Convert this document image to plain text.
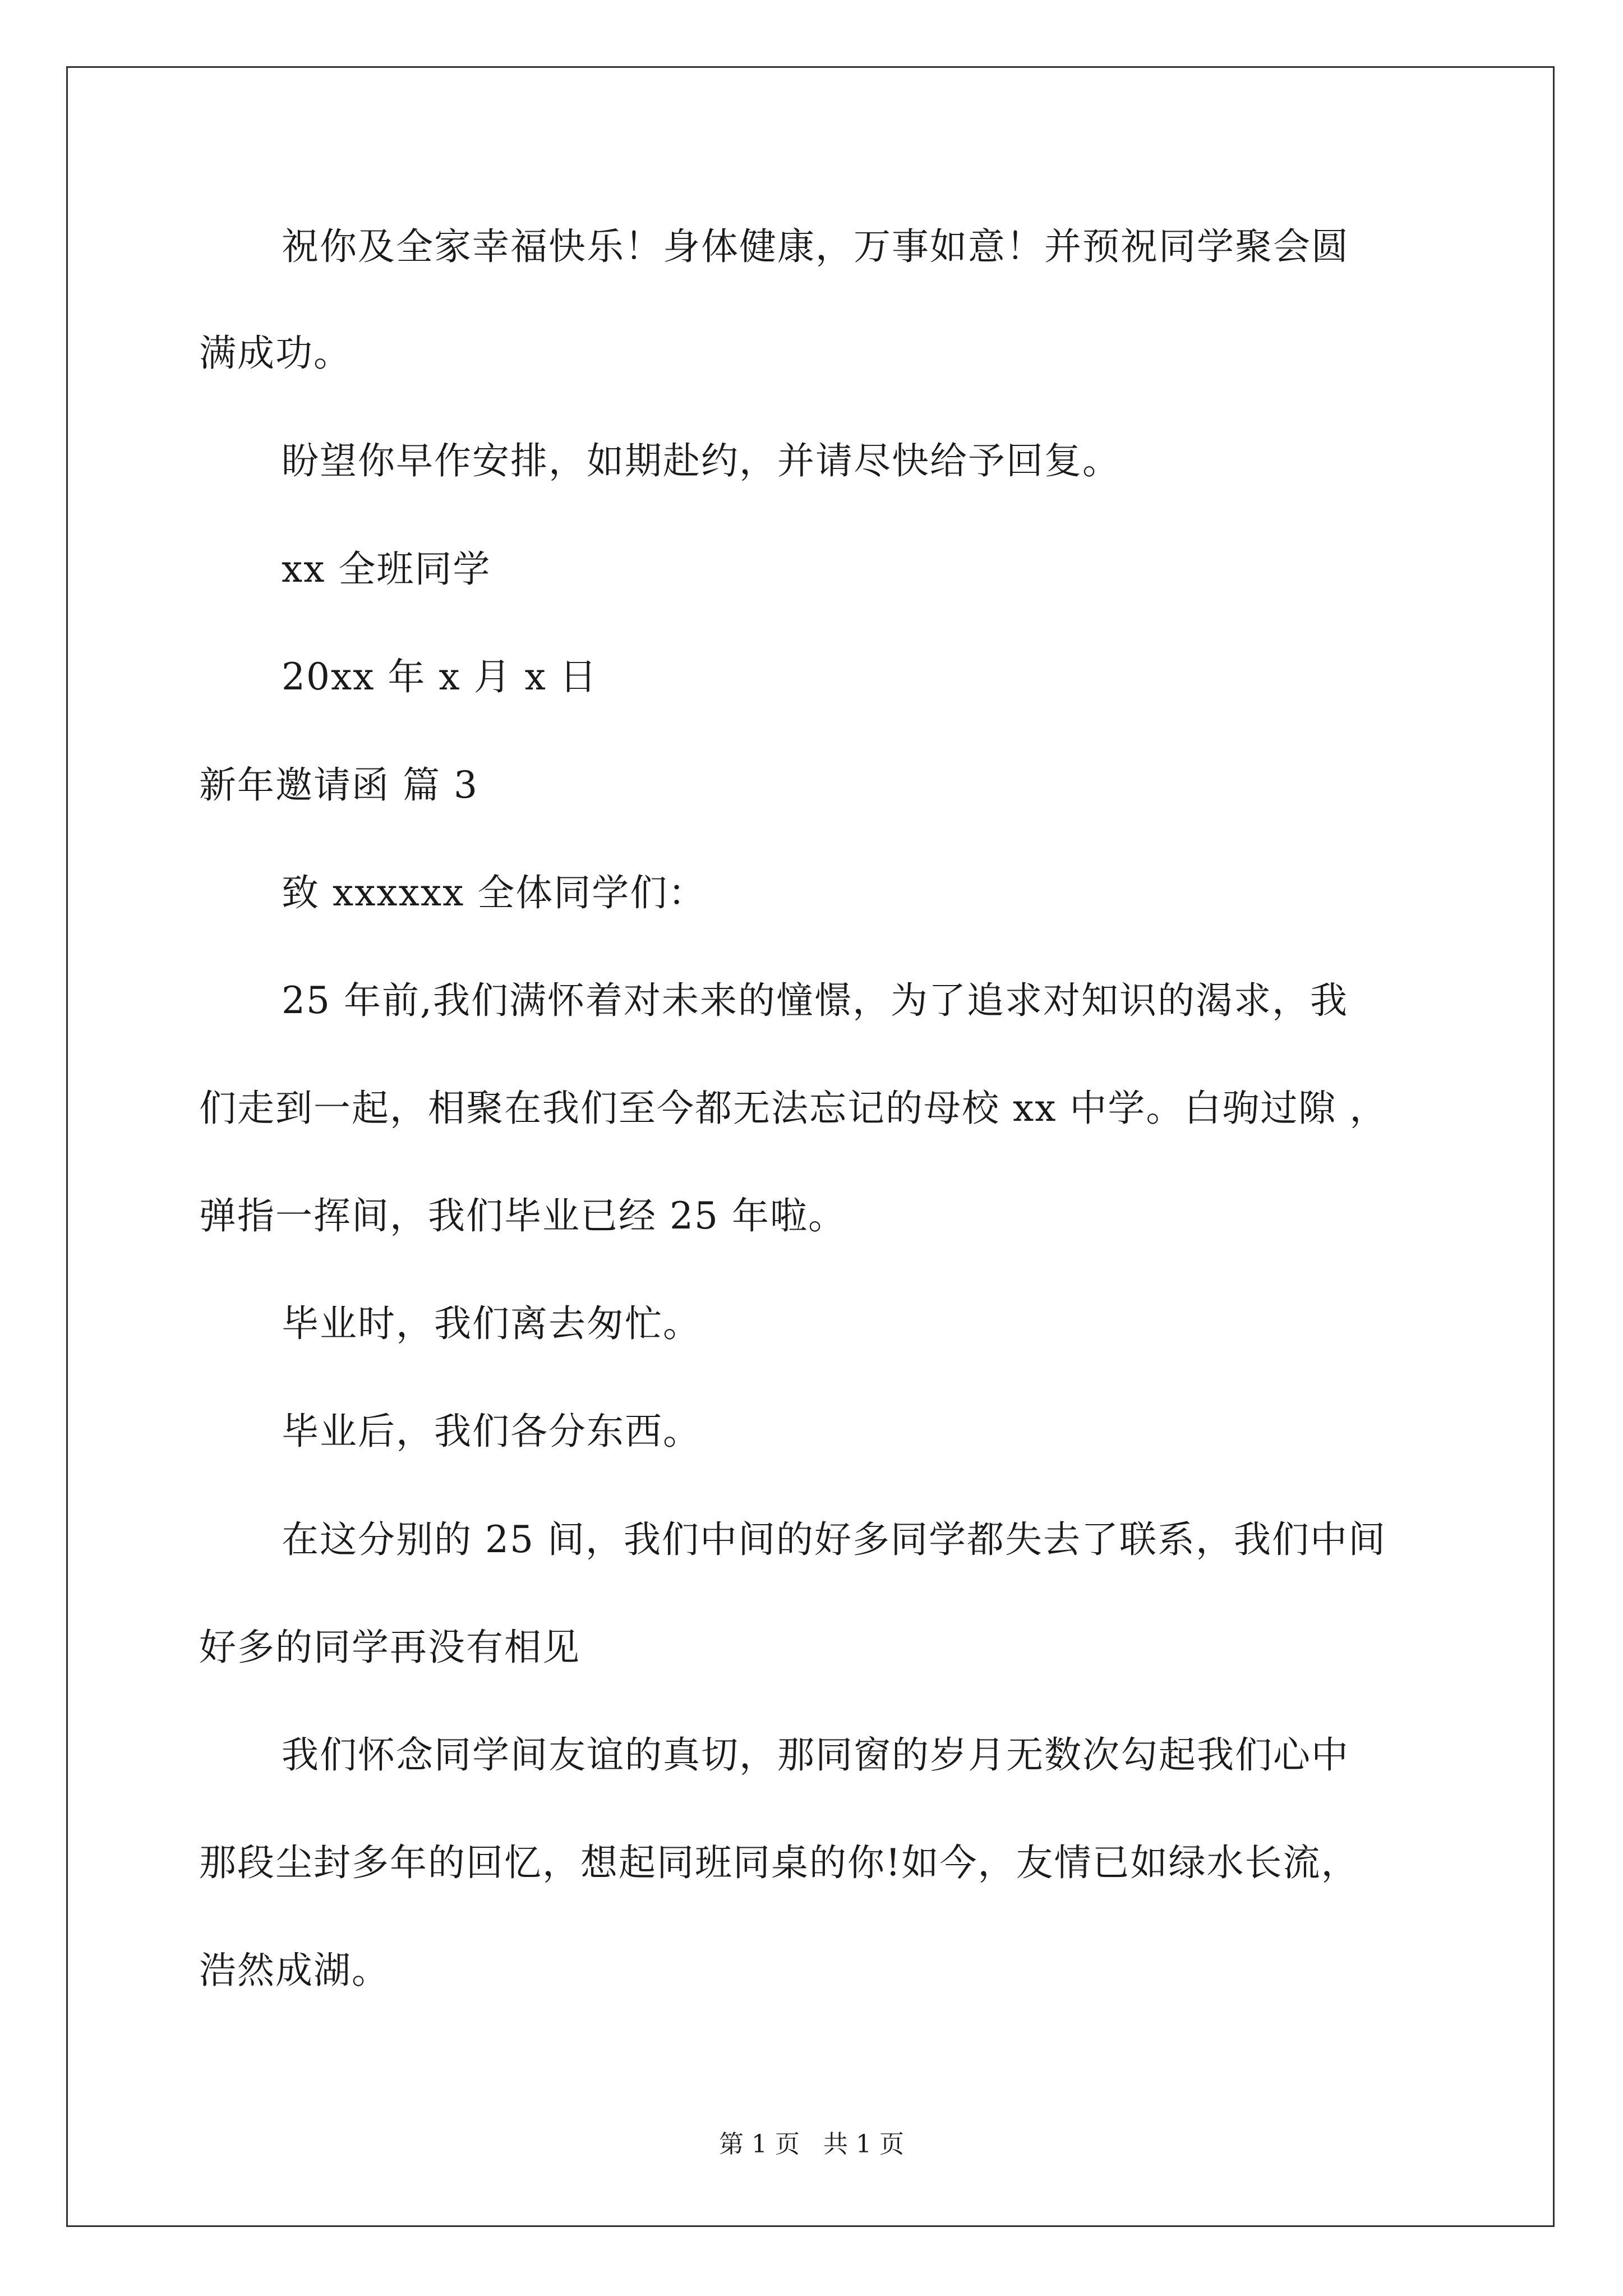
祝你及全家幸福快乐！身体健康，万事如意！并预祝同学聚会圆
满成功。
盼望你早作安排，如期赴约，并请尽快给予回复。
xx 全班同学
20xx 年 x 月 x 日
新年邀请函 篇 3
致 xxxxxx 全体同学们：
25 年前,我们满怀着对未来的憧憬，为了追求对知识的渴求，我
们走到一起，相聚在我们至今都无法忘记的母校 xx 中学。白驹过隙 ，
弹指一挥间，我们毕业已经 25 年啦。
毕业时，我们离去匆忙。
毕业后，我们各分东西。
在这分别的 25 间，我们中间的好多同学都失去了联系，我们中间
好多的同学再没有相见
我们怀念同学间友谊的真切，那同窗的岁月无数次勾起我们心中
那段尘封多年的回忆，想起同班同桌的你!如今，友情已如绿水长流，
浩然成湖。
第 1 页   共 1 页
